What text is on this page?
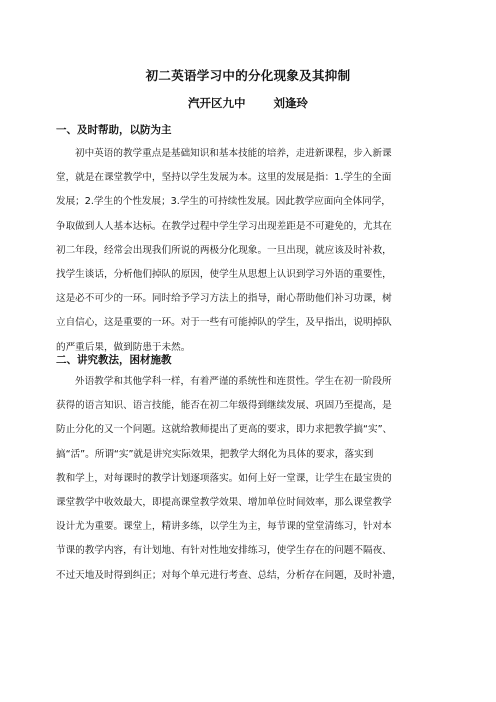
初二英语学习中的分化现象及其抑制
汽开区九中 刘逢玲
一、及时帮助，以防为主
初中英语的教学重点是基础知识和基本技能的培养，走进新课程，步入新课
堂，就是在课堂教学中，坚持以学生发展为本。这里的发展是指：1.学生的全面
发展；2.学生的个性发展；3.学生的可持续性发展。因此教学应面向全体同学，
争取做到人人基本达标。在教学过程中学生学习出现差距是不可避免的，尤其在
初二年段，经常会出现我们所说的两极分化现象。一旦出现，就应该及时补救，
找学生谈话，分析他们掉队的原因，使学生从思想上认识到学习外语的重要性，
这是必不可少的一环。同时给予学习方法上的指导，耐心帮助他们补习功课，树
立自信心，这是重要的一环。对于一些有可能掉队的学生，及早指出，说明掉队
的严重后果，做到防患于未然。
二、讲究教法，困材施教
外语教学和其他学科一样，有着严谨的系统性和连贯性。学生在初一阶段所
获得的语言知识、语言技能，能否在初二年级得到继续发展、巩固乃至提高，是
防止分化的又一个问题。这就给教师提出了更高的要求，即力求把教学搞“实”、
搞“活”。所谓“实”就是讲究实际效果，把教学大纲化为具体的要求，落实到
教和学上，对每课时的教学计划逐项落实。如何上好一堂课，让学生在最宝贵的
课堂教学中收效最大，即提高课堂教学效果、增加单位时间效率，那么课堂教学
设计尤为重要。课堂上，精讲多练，以学生为主，每节课的堂堂清练习，针对本
节课的教学内容，有计划地、有针对性地安排练习，使学生存在的问题不隔夜、
不过天地及时得到纠正；对每个单元进行考查、总结，分析存在问题，及时补遗，
